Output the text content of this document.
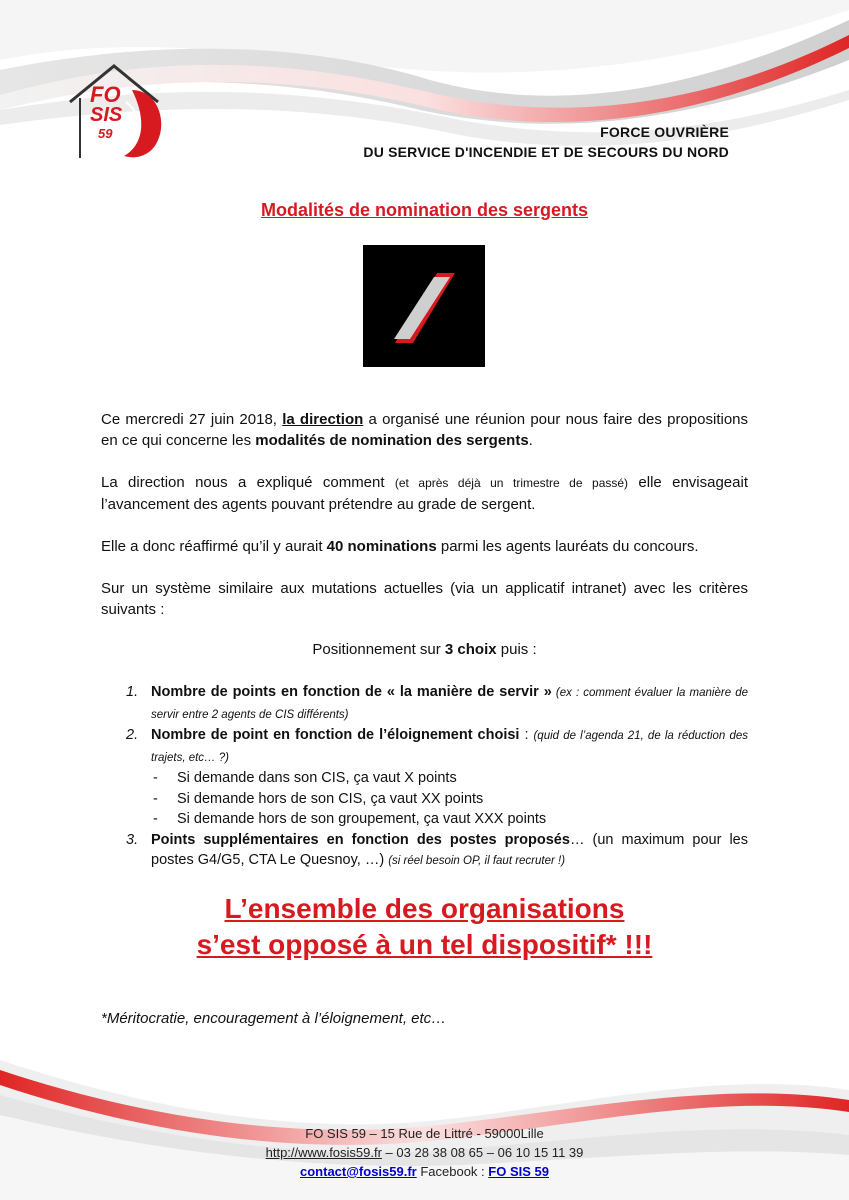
FO
SIS
59	FORCE OUVRIÈRE
DU SERVICE D'INCENDIE ET DE SECOURS DU NORD
Modalités de nomination des sergents
Ce mercredi 27 juin 2018, la direction a organisé une réunion pour nous faire des propositions en ce qui concerne les modalités de nomination des sergents.
La direction nous a expliqué comment (et après déjà un trimestre de passé) elle envisageait l’avancement des agents pouvant prétendre au grade de sergent.
Elle a donc réaffirmé qu’il y aurait 40 nominations parmi les agents lauréats du concours.
Sur un système similaire aux mutations actuelles (via un applicatif intranet) avec les critères suivants :
Positionnement sur 3 choix puis :
1. Nombre de points en fonction de « la manière de servir » (ex : comment évaluer la manière de servir entre 2 agents de CIS différents)
2. Nombre de point en fonction de l’éloignement choisi : (quid de l’agenda 21, de la réduction des trajets, etc… ?)
- Si demande dans son CIS, ça vaut X points
- Si demande hors de son CIS, ça vaut XX points
- Si demande hors de son groupement, ça vaut XXX points
3. Points supplémentaires en fonction des postes proposés… (un maximum pour les postes G4/G5, CTA Le Quesnoy, …) (si réel besoin OP, il faut recruter !)
L’ensemble des organisations
s’est opposé à un tel dispositif* !!!
*Méritocratie, encouragement à l’éloignement, etc…
FO SIS 59 – 15 Rue de Littré - 59000Lille
http://www.fosis59.fr – 03 28 38 08 65 – 06 10 15 11 39
contact@fosis59.fr Facebook : FO SIS 59
